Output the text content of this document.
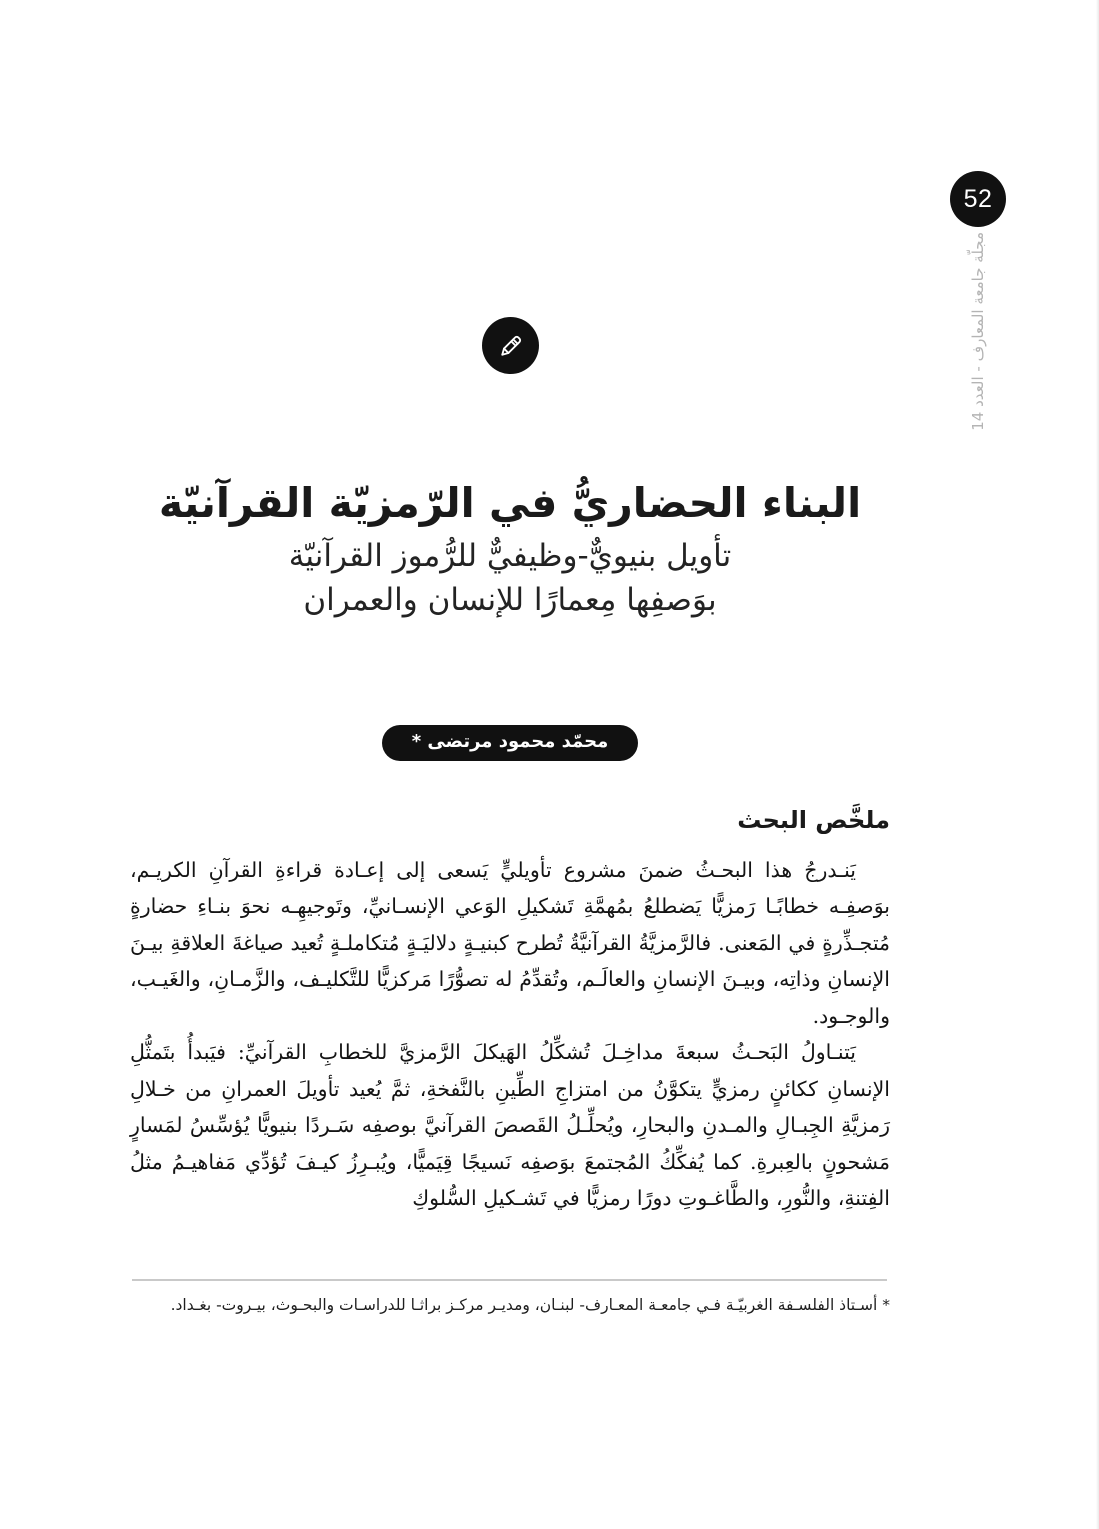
52
مجلّة جامعة المعارف - العدد 14
البناء الحضاريُّ في الرّمزيّة القرآنيّة
تأويل بنيويٌّ-وظيفيٌّ للرُّموز القرآنيّة
بوَصفِها مِعمارًا للإنسان والعمران
محمّد محمود مرتضى *
ملخَّص البحث

يَنـدرجُ هذا البحـثُ ضمنَ مشروع تأويليٍّ يَسعى إلى إعـادة قراءةِ القرآنِ الكريـم، بوَصفِـه خطابًـا رَمزيًّا يَضطلعُ بمُهمَّةِ تَشكيلِ الوَعي الإنسـانيِّ، وتَوجيهِـه نحوَ بنـاءِ حضارةٍ مُتجـذِّرةٍ في المَعنى. فالرَّمزيَّةُ القرآنيَّةُ تُطرح كبنيـةٍ دلاليَـةٍ مُتكاملـةٍ تُعيد صياغةَ العلاقةِ بيـنَ الإنسانِ وذاتِه، وبيـنَ الإنسانِ والعالَـم، وتُقدِّمُ له تصوُّرًا مَركزيًّا للتَّكليـف، والزَّمـانِ، والغَيـب، والوجـود.

يَتنـاولُ البَحـثُ سبعةَ مداخِـلَ تُشكِّلُ الهَيكلَ الرَّمزيَّ للخطابِ القرآنيِّ: فيَبدأُ بتَمثُّلِ الإنسانِ ككائنٍ رمزيٍّ يتكوَّنُ من امتزاجِ الطِّينِ بالنَّفخةِ، ثمَّ يُعيد تأويلَ العمرانِ من خـلالِ رَمزيَّةِ الجِبـالِ والمـدنِ والبحارِ، ويُحلِّـلُ القَصصَ القرآنيَّ بوصفِه سَـردًا بنيويًّا يُؤسِّسُ لمَسارٍ مَشحونٍ بالعِبرةِ. كما يُفكِّكُ المُجتمعَ بوَصفِه نَسيجًا قِيَميًّا، ويُبـرِزُ كيـفَ تُؤدِّي مَفاهيـمُ مثلُ الفِتنةِ، والنُّورِ، والطَّاغـوتِ دورًا رمزيًّا في تَشـكيلِ السُّلوكِ

* أسـتاذ الفلسـفة الغربيّـة فـي جامعـة المعـارف- لبنـان، ومديـر مركـز براثـا للدراسـات والبحـوث، بيـروت- بغـداد.
